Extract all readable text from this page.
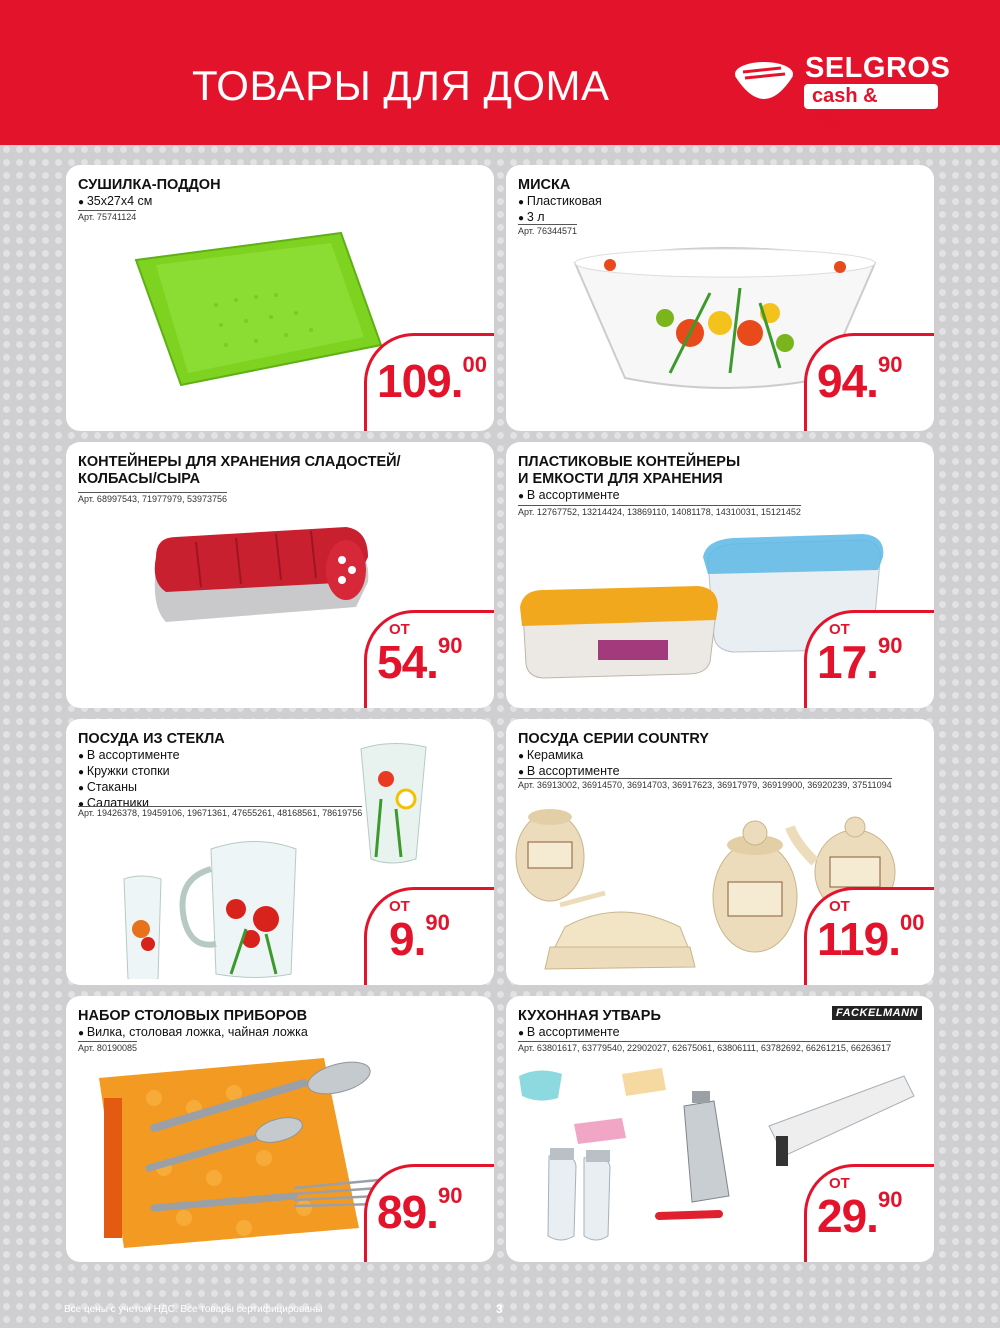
ТОВАРЫ ДЛЯ ДОМА	SELGROS
cash & carry
СУШИЛКА-ПОДДОН
● 35x27x4 см
Арт. 75741124
109.00
МИСКА
● Пластиковая
● 3 л
Арт. 76344571
94.90
КОНТЕЙНЕРЫ ДЛЯ ХРАНЕНИЯ СЛАДОСТЕЙ/
КОЛБАСЫ/СЫРА
Арт. 68997543, 71977979, 53973756
ОТ
54.90
ПЛАСТИКОВЫЕ КОНТЕЙНЕРЫ
И ЕМКОСТИ ДЛЯ ХРАНЕНИЯ
● В ассортименте
Арт. 12767752, 13214424, 13869110, 14081178, 14310031, 15121452
ОТ
17.90
ПОСУДА ИЗ СТЕКЛА
● В ассортименте
● Кружки стопки
● Стаканы
● Салатники
Арт. 19426378, 19459106, 19671361, 47655261, 48168561, 78619756
ОТ
9.90
ПОСУДА СЕРИИ COUNTRY
● Керамика
● В ассортименте
Арт. 36913002, 36914570, 36914703, 36917623, 36917979, 36919900, 36920239, 37511094
ОТ
119.00
НАБОР СТОЛОВЫХ ПРИБОРОВ
● Вилка, столовая ложка, чайная ложка
Арт. 80190085
89.90
КУХОННАЯ УТВАРЬ	FACKELMANN
● В ассортименте
Арт. 63801617, 63779540, 22902027, 62675061, 63806111, 63782692, 66261215, 66263617
ОТ
29.90
Все цены с учетом НДС. Все товары сертифицированы	3
